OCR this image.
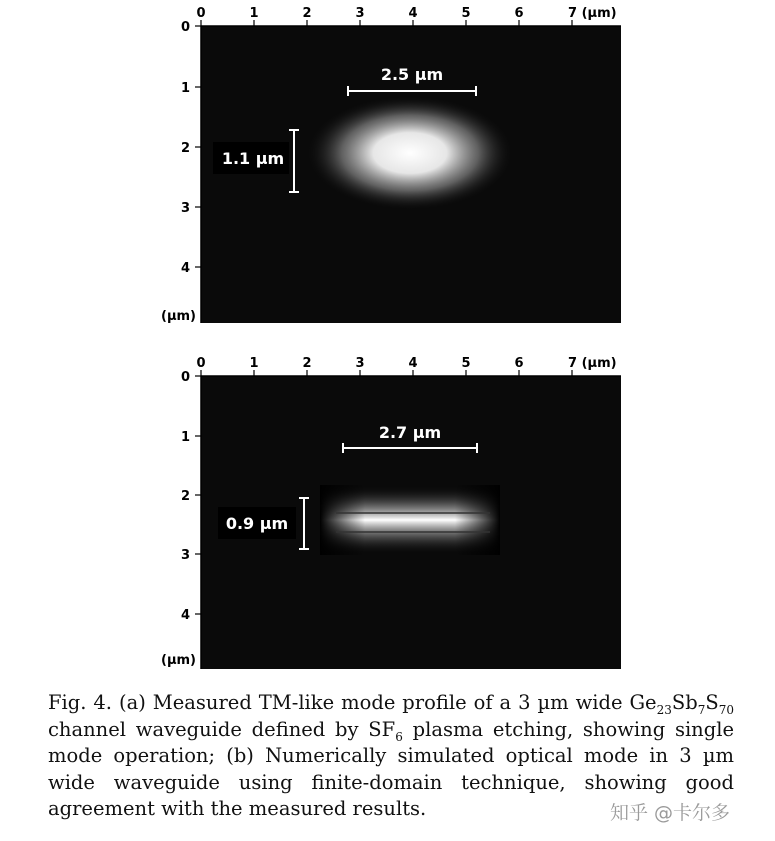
0	1	2	3	4	5	6	7 (µm)
0
1
2
3
4
(µm)
2.5 µm
1.1 µm
0	1	2	3	4	5	6	7 (µm)
0
1
2
3
4
(µm)
2.7 µm
0.9 µm
Fig. 4. (a) Measured TM-like mode profile of a 3 µm wide $Ge_{23}Sb_7S_{70}$ channel waveguide defined by $SF_6$ plasma etching, showing single mode operation; (b) Numerically simulated optical mode in 3 µm wide waveguide using finite-domain technique, showing good agreement with the measured results.	知乎 @卡尔多
